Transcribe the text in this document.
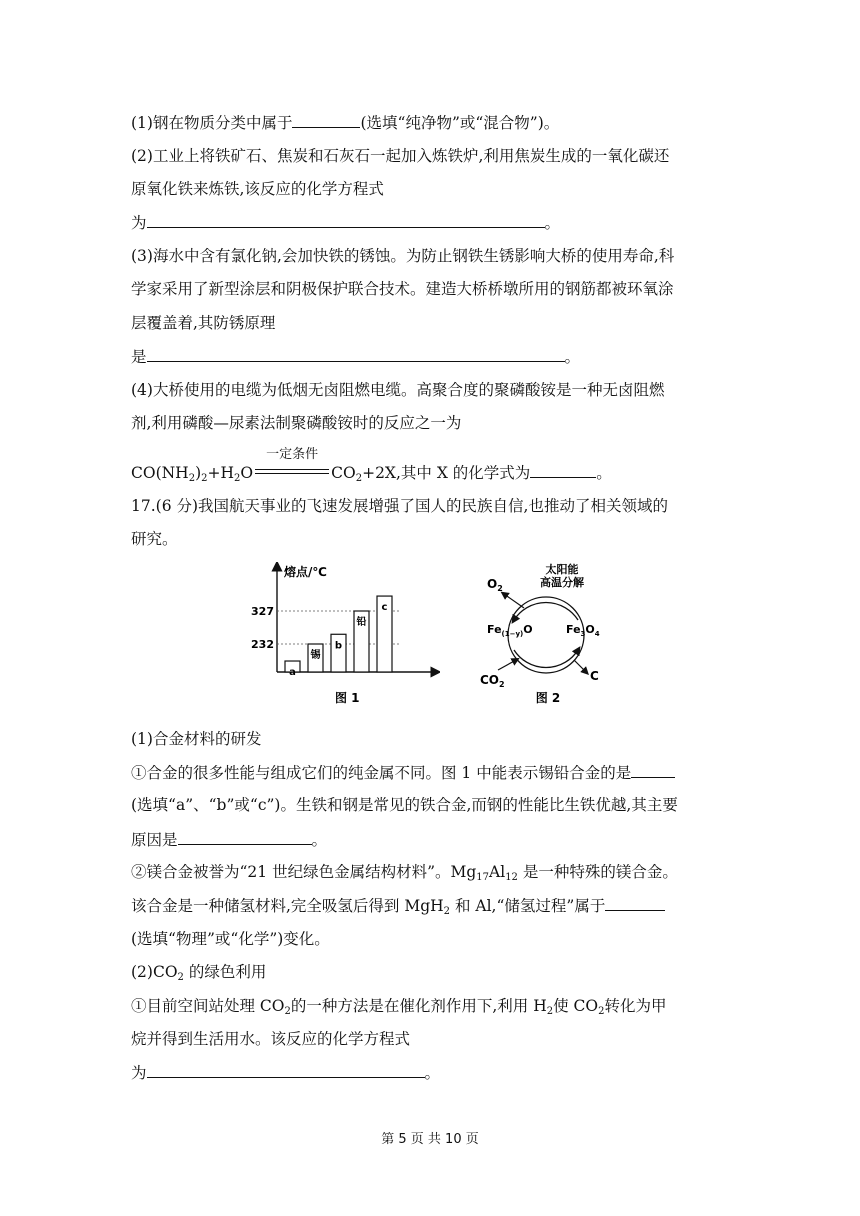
(1)钢在物质分类中属于	(选填“纯净物”或“混合物”)。
(2)工业上将铁矿石、焦炭和石灰石一起加入炼铁炉,利用焦炭生成的一氧化碳还
原氧化铁来炼铁,该反应的化学方程式
为	。
(3)海水中含有氯化钠,会加快铁的锈蚀。为防止钢铁生锈影响大桥的使用寿命,科
学家采用了新型涂层和阴极保护联合技术。建造大桥桥墩所用的钢筋都被环氧涂
层覆盖着,其防锈原理
是	。
(4)大桥使用的电缆为低烟无卤阻燃电缆。高聚合度的聚磷酸铵是一种无卤阻燃
剂,利用磷酸—尿素法制聚磷酸铵时的反应之一为
$CO(NH_2)_2+H_2O$
一定条件
$CO_2+2X$,其中 X 的化学式为	。
17.(6 分)我国航天事业的飞速发展增强了国人的民族自信,也推动了相关领域的
研究。
熔点/℃
327
232
a
锡
b
铅
c
图 1
太阳能
高温分解
$O_2$
$Fe_{(1-y)}O$	$Fe_3O_4$
$CO_2$
C
图 2
(1)合金材料的研发
①合金的很多性能与组成它们的纯金属不同。图 1 中能表示锡铅合金的是
(选填“a”、“b”或“c”)。生铁和钢是常见的铁合金,而钢的性能比生铁优越,其主要
原因是	。
②镁合金被誉为“21 世纪绿色金属结构材料”。$Mg_{17}Al_{12}$ 是一种特殊的镁合金。
该合金是一种储氢材料,完全吸氢后得到 MgH$_2$ 和 Al,“储氢过程”属于
(选填“物理”或“化学”)变化。
$(2)CO_2$ 的绿色利用
①目前空间站处理 $CO_2$的一种方法是在催化剂作用下,利用 $H_2$使 $CO_2$转化为甲
烷并得到生活用水。该反应的化学方程式
为	。
第 5 页 共 10 页
